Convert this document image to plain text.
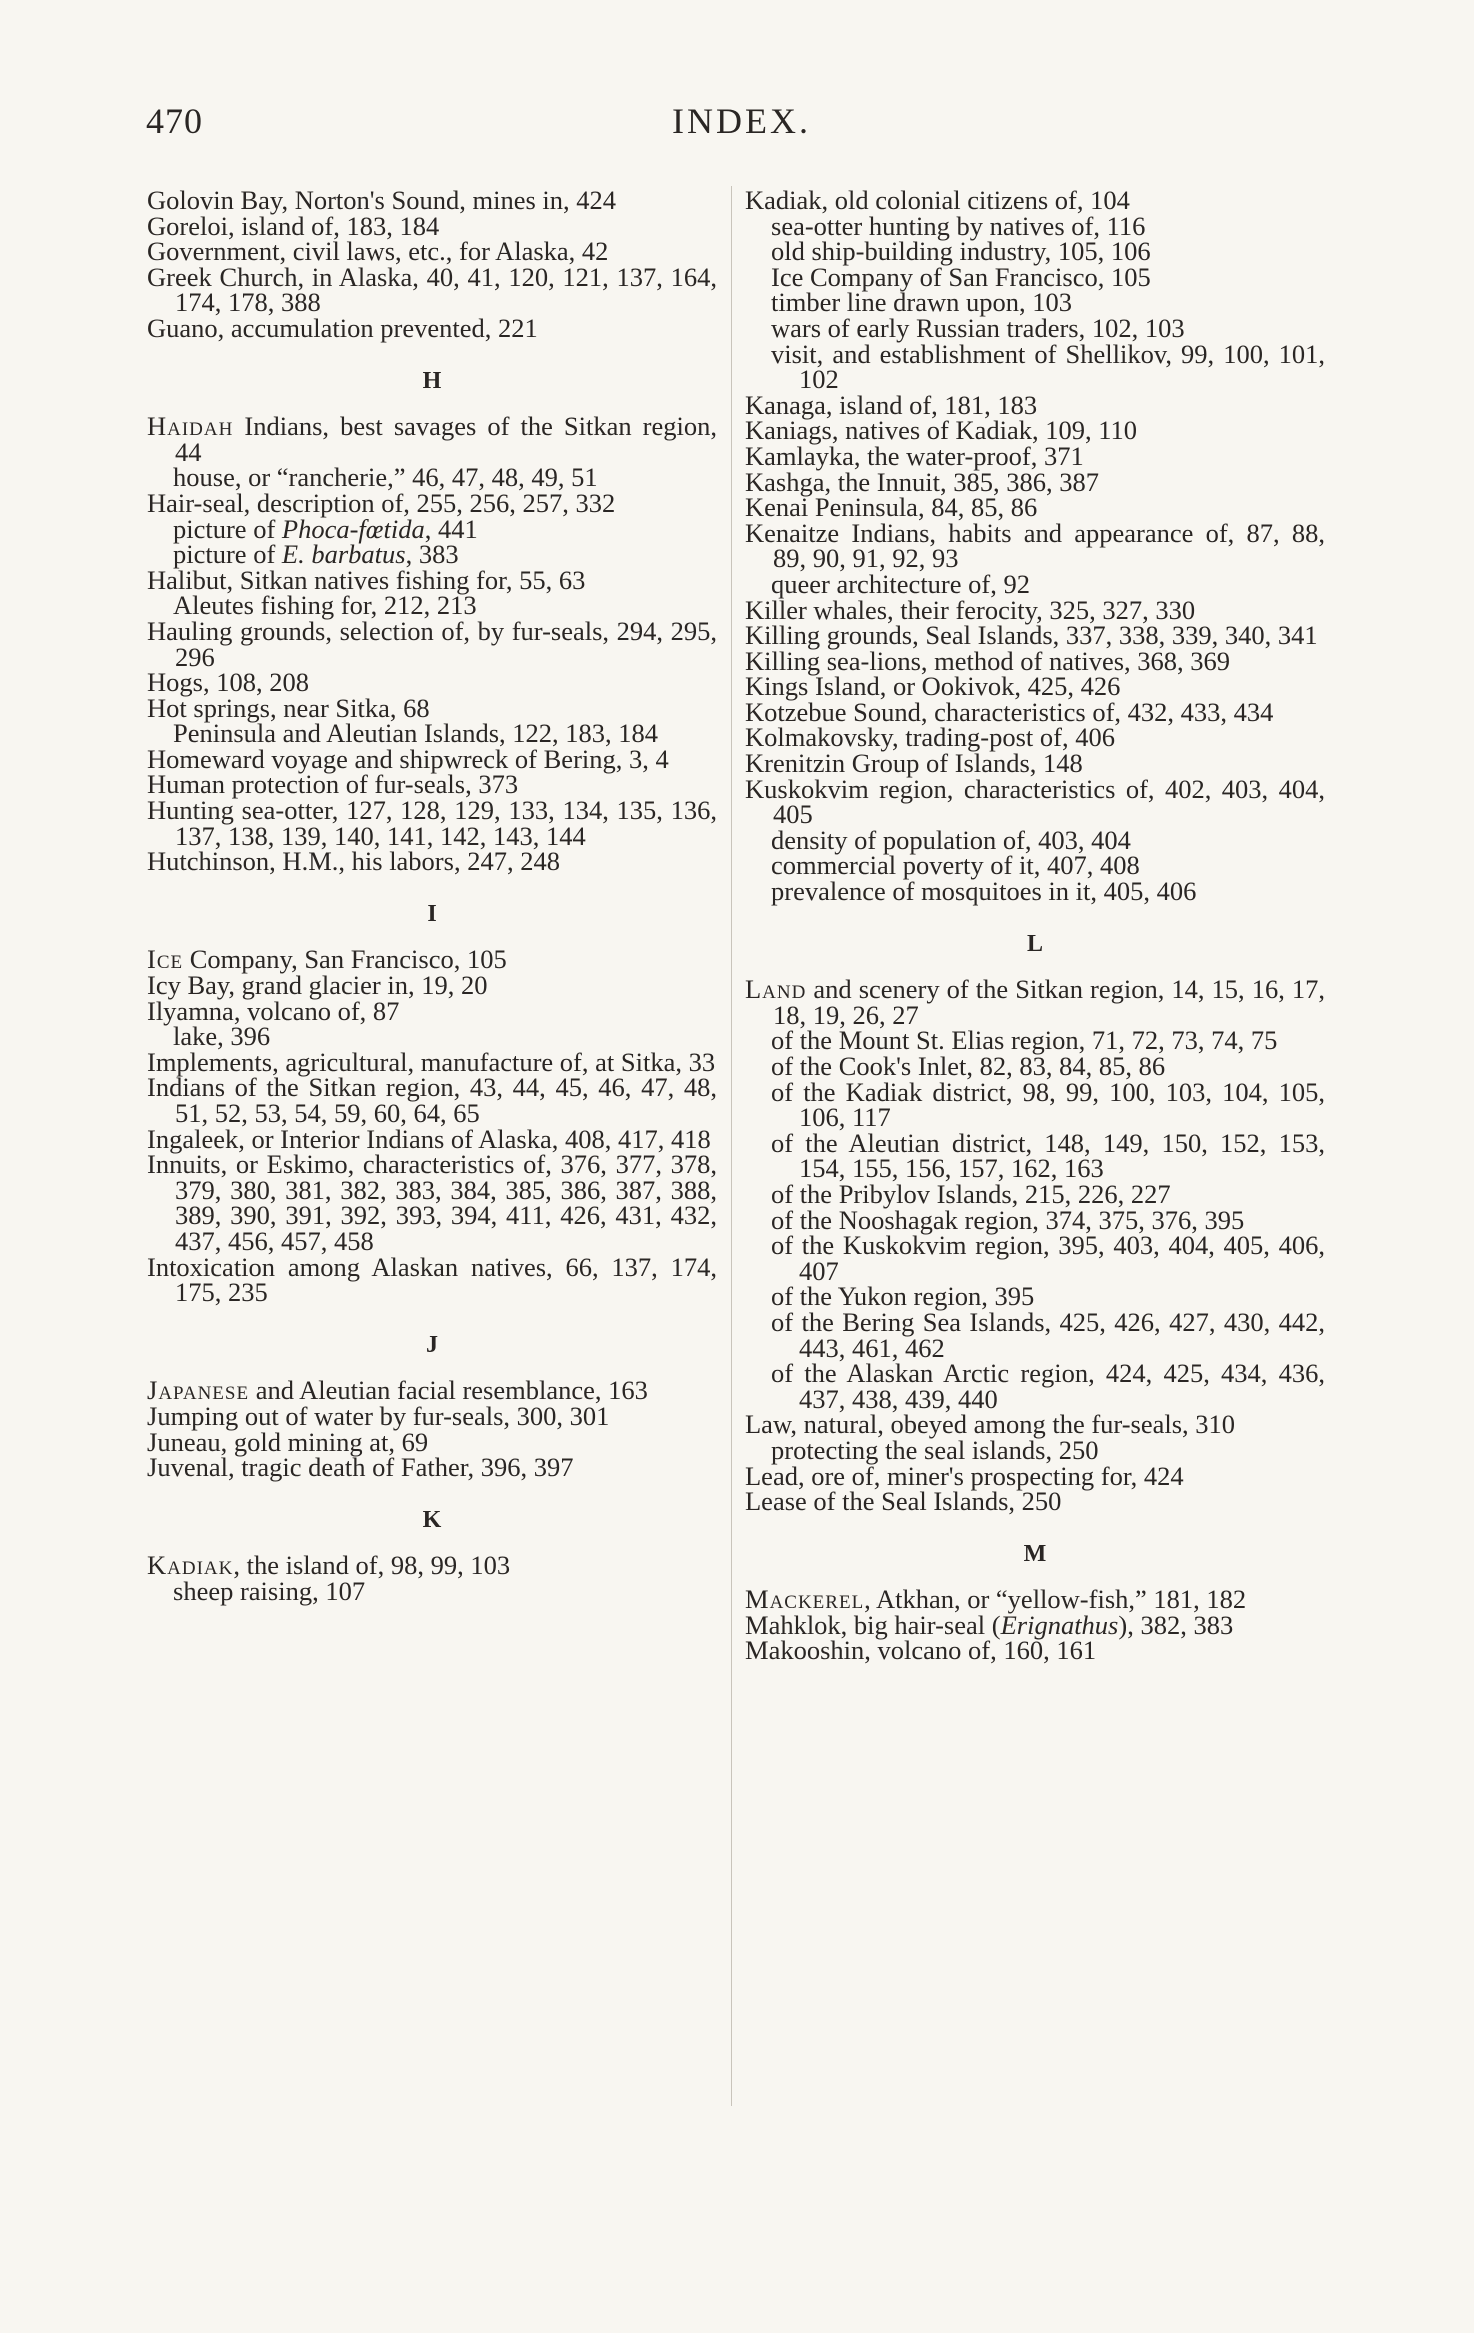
470	INDEX.
Golovin Bay, Norton's Sound, mines in, 424
Goreloi, island of, 183, 184
Government, civil laws, etc., for Alaska, 42
Greek Church, in Alaska, 40, 41, 120, 121, 137, 164, 174, 178, 388
Guano, accumulation prevented, 221
H
Haidah Indians, best savages of the Sitkan region, 44
house, or “rancherie,” 46, 47, 48, 49, 51
Hair-seal, description of, 255, 256, 257, 332
picture of Phoca-fœtida, 441
picture of E. barbatus, 383
Halibut, Sitkan natives fishing for, 55, 63
Aleutes fishing for, 212, 213
Hauling grounds, selection of, by fur-seals, 294, 295, 296
Hogs, 108, 208
Hot springs, near Sitka, 68
Peninsula and Aleutian Islands, 122, 183, 184
Homeward voyage and shipwreck of Bering, 3, 4
Human protection of fur-seals, 373
Hunting sea-otter, 127, 128, 129, 133, 134, 135, 136, 137, 138, 139, 140, 141, 142, 143, 144
Hutchinson, H.M., his labors, 247, 248
I
Ice Company, San Francisco, 105
Icy Bay, grand glacier in, 19, 20
Ilyamna, volcano of, 87
lake, 396
Implements, agricultural, manufacture of, at Sitka, 33
Indians of the Sitkan region, 43, 44, 45, 46, 47, 48, 51, 52, 53, 54, 59, 60, 64, 65
Ingaleek, or Interior Indians of Alaska, 408, 417, 418
Innuits, or Eskimo, characteristics of, 376, 377, 378, 379, 380, 381, 382, 383, 384, 385, 386, 387, 388, 389, 390, 391, 392, 393, 394, 411, 426, 431, 432, 437, 456, 457, 458
Intoxication among Alaskan natives, 66, 137, 174, 175, 235
J
Japanese and Aleutian facial resemblance, 163
Jumping out of water by fur-seals, 300, 301
Juneau, gold mining at, 69
Juvenal, tragic death of Father, 396, 397
K
Kadiak, the island of, 98, 99, 103
sheep raising, 107
Kadiak, old colonial citizens of, 104
sea-otter hunting by natives of, 116
old ship-building industry, 105, 106
Ice Company of San Francisco, 105
timber line drawn upon, 103
wars of early Russian traders, 102, 103
visit, and establishment of Shellikov, 99, 100, 101, 102
Kanaga, island of, 181, 183
Kaniags, natives of Kadiak, 109, 110
Kamlayka, the water-proof, 371
Kashga, the Innuit, 385, 386, 387
Kenai Peninsula, 84, 85, 86
Kenaitze Indians, habits and appearance of, 87, 88, 89, 90, 91, 92, 93
queer architecture of, 92
Killer whales, their ferocity, 325, 327, 330
Killing grounds, Seal Islands, 337, 338, 339, 340, 341
Killing sea-lions, method of natives, 368, 369
Kings Island, or Ookivok, 425, 426
Kotzebue Sound, characteristics of, 432, 433, 434
Kolmakovsky, trading-post of, 406
Krenitzin Group of Islands, 148
Kuskokvim region, characteristics of, 402, 403, 404, 405
density of population of, 403, 404
commercial poverty of it, 407, 408
prevalence of mosquitoes in it, 405, 406
L
Land and scenery of the Sitkan region, 14, 15, 16, 17, 18, 19, 26, 27
of the Mount St. Elias region, 71, 72, 73, 74, 75
of the Cook's Inlet, 82, 83, 84, 85, 86
of the Kadiak district, 98, 99, 100, 103, 104, 105, 106, 117
of the Aleutian district, 148, 149, 150, 152, 153, 154, 155, 156, 157, 162, 163
of the Pribylov Islands, 215, 226, 227
of the Nooshagak region, 374, 375, 376, 395
of the Kuskokvim region, 395, 403, 404, 405, 406, 407
of the Yukon region, 395
of the Bering Sea Islands, 425, 426, 427, 430, 442, 443, 461, 462
of the Alaskan Arctic region, 424, 425, 434, 436, 437, 438, 439, 440
Law, natural, obeyed among the fur-seals, 310
protecting the seal islands, 250
Lead, ore of, miner's prospecting for, 424
Lease of the Seal Islands, 250
M
Mackerel, Atkhan, or “yellow-fish,” 181, 182
Mahklok, big hair-seal (Erignathus), 382, 383
Makooshin, volcano of, 160, 161
